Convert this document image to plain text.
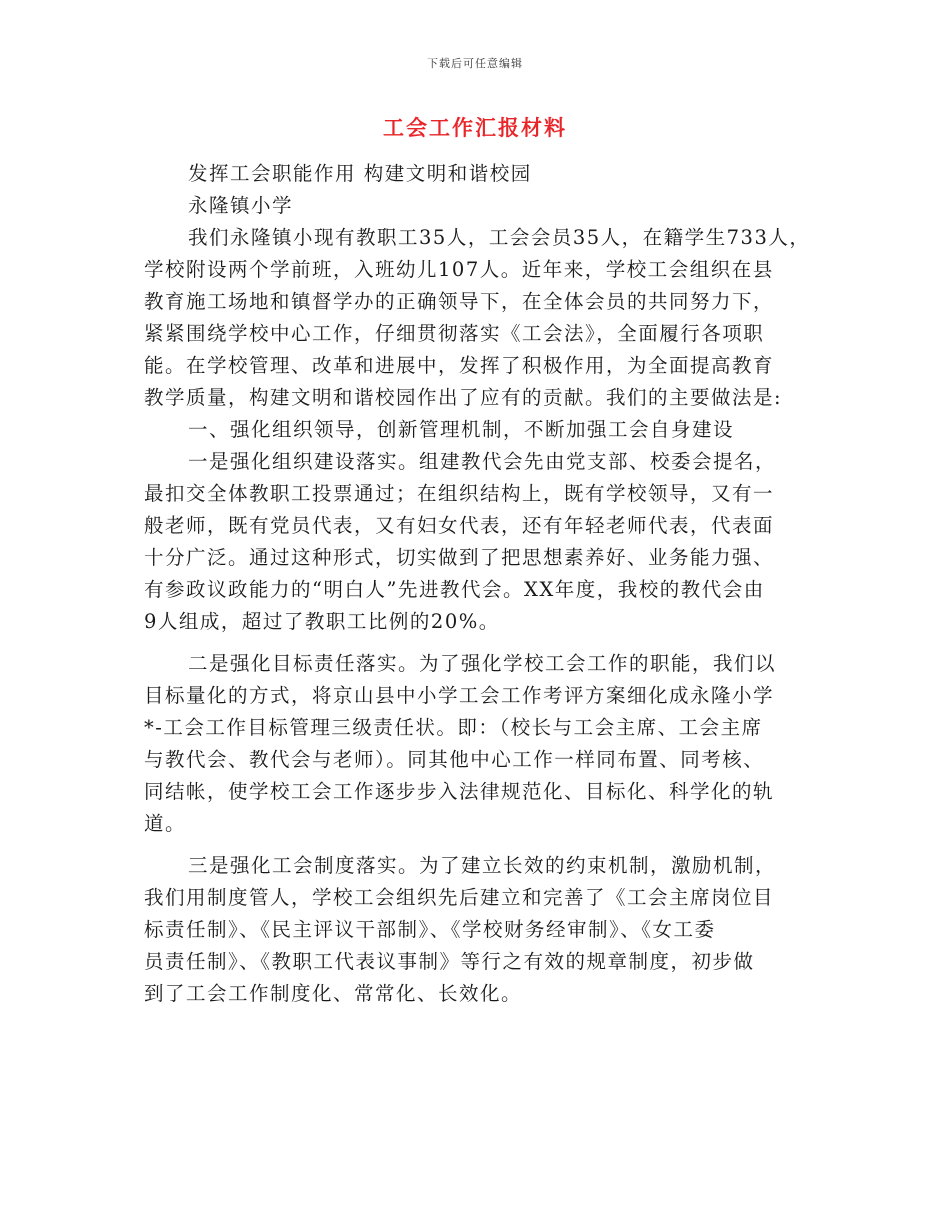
下载后可任意编辑
工会工作汇报材料
发挥工会职能作用 构建文明和谐校园
永隆镇小学
我们永隆镇小现有教职工35人，工会会员35人，在籍学生733人，
学校附设两个学前班，入班幼儿107人。近年来，学校工会组织在县
教育施工场地和镇督学办的正确领导下，在全体会员的共同努力下，
紧紧围绕学校中心工作，仔细贯彻落实《工会法》，全面履行各项职
能。在学校管理、改革和进展中，发挥了积极作用，为全面提高教育
教学质量，构建文明和谐校园作出了应有的贡献。我们的主要做法是:
一、强化组织领导，创新管理机制，不断加强工会自身建设
一是强化组织建设落实。组建教代会先由党支部、校委会提名，
最扣交全体教职工投票通过；在组织结构上，既有学校领导，又有一
般老师，既有党员代表，又有妇女代表，还有年轻老师代表，代表面
十分广泛。通过这种形式，切实做到了把思想素养好、业务能力强、
有参政议政能力的“明白人”先进教代会。XX年度，我校的教代会由
9人组成，超过了教职工比例的20%。
二是强化目标责任落实。为了强化学校工会工作的职能，我们以
目标量化的方式，将京山县中小学工会工作考评方案细化成永隆小学
*-工会工作目标管理三级责任状。即：（校长与工会主席、工会主席
与教代会、教代会与老师）。同其他中心工作一样同布置、同考核、
同结帐，使学校工会工作逐步步入法律规范化、目标化、科学化的轨
道。
三是强化工会制度落实。为了建立长效的约束机制，激励机制，
我们用制度管人，学校工会组织先后建立和完善了《工会主席岗位目
标责任制》、《民主评议干部制》、《学校财务经审制》、《女工委
员责任制》、《教职工代表议事制》等行之有效的规章制度，初步做
到了工会工作制度化、常常化、长效化。
